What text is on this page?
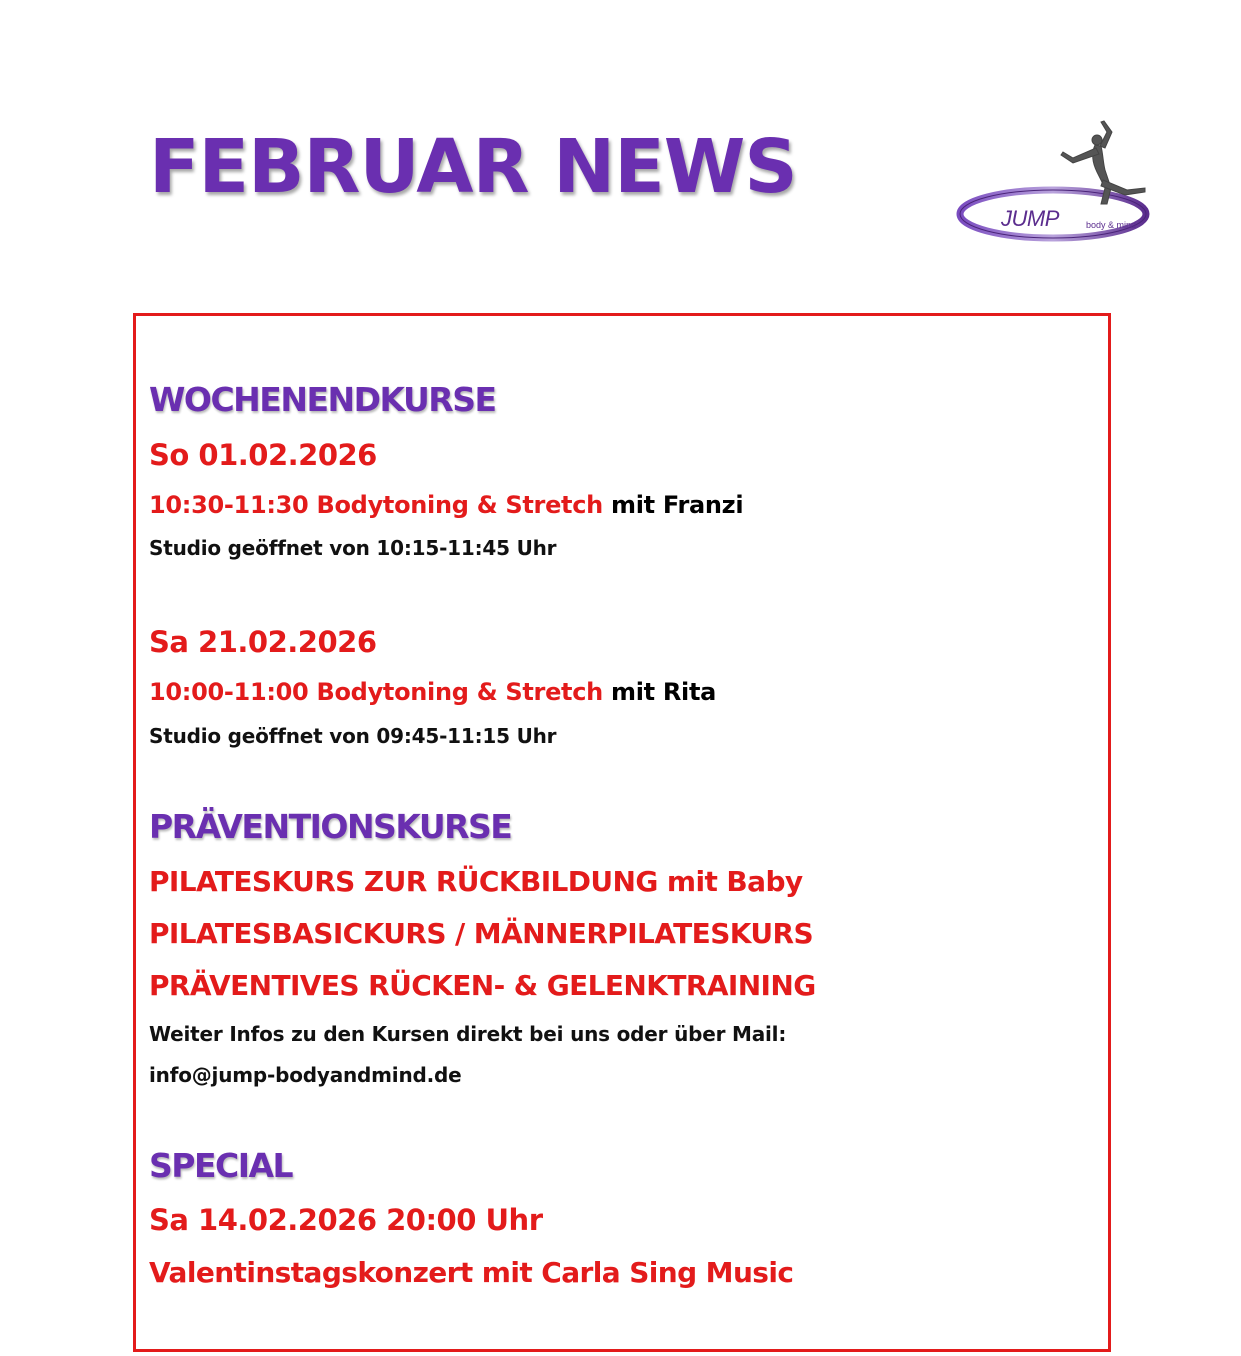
FEBRUAR NEWS
JUMP	body & mind
WOCHENENDKURSE

So 01.02.2026

10:30-11:30 Bodytoning & Stretch mit Franzi

Studio geöffnet von 10:15-11:45 Uhr

Sa 21.02.2026

10:00-11:00 Bodytoning & Stretch mit Rita

Studio geöffnet von 09:45-11:15 Uhr

PRÄVENTIONSKURSE

PILATESKURS ZUR RÜCKBILDUNG mit Baby

PILATESBASICKURS / MÄNNERPILATESKURS

PRÄVENTIVES RÜCKEN- & GELENKTRAINING

Weiter Infos zu den Kursen direkt bei uns oder über Mail:

info@jump-bodyandmind.de

SPECIAL

Sa 14.02.2026 20:00 Uhr

Valentinstagskonzert mit Carla Sing Music
